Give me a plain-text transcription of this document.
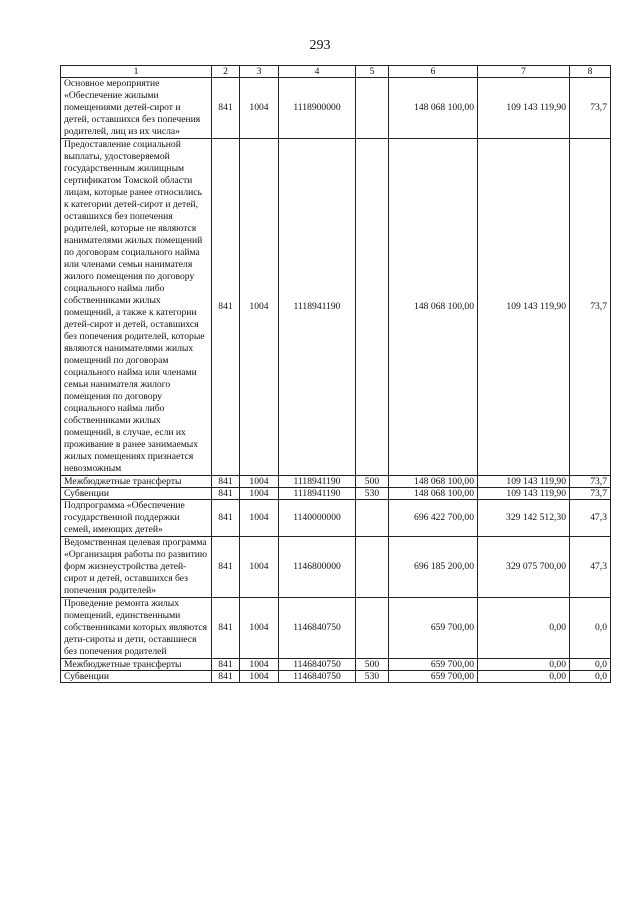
293
1	2	3	4	5	6	7	8
Основное мероприятие «Обеспечение жилыми помещениями детей-сирот и детей, оставшихся без попечения родителей, лиц из их числа»	841	1004	1118900000		148 068 100,00	109 143 119,90	73,7
Предоставление социальной выплаты, удостоверяемой государственным жилищным сертификатом Томской области лицам, которые ранее относились к категории детей-сирот и детей, оставшихся без попечения родителей, которые не являются нанимателями жилых помещений по договорам социального найма или членами семьи нанимателя жилого помещения по договору социального найма либо собственниками жилых помещений, а также к категории детей-сирот и детей, оставшихся без попечения родителей, которые являются нанимателями жилых помещений по договорам социального найма или членами семьи нанимателя жилого помещения по договору социального найма либо собственниками жилых помещений, в случае, если их проживание в ранее занимаемых жилых помещениях признается невозможным	841	1004	1118941190		148 068 100,00	109 143 119,90	73,7
Межбюджетные трансферты	841	1004	1118941190	500	148 068 100,00	109 143 119,90	73,7
Субвенции	841	1004	1118941190	530	148 068 100,00	109 143 119,90	73,7
Подпрограмма «Обеспечение государственной поддержки семей, имеющих детей»	841	1004	1140000000		696 422 700,00	329 142 512,30	47,3
Ведомственная целевая программа «Организация работы по развитию форм жизнеустройства детей-сирот и детей, оставшихся без попечения родителей»	841	1004	1146800000		696 185 200,00	329 075 700,00	47,3
Проведение ремонта жилых помещений, единственными собственниками которых являются дети-сироты и дети, оставшиеся без попечения родителей	841	1004	1146840750		659 700,00	0,00	0,0
Межбюджетные трансферты	841	1004	1146840750	500	659 700,00	0,00	0,0
Субвенции	841	1004	1146840750	530	659 700,00	0,00	0,0
